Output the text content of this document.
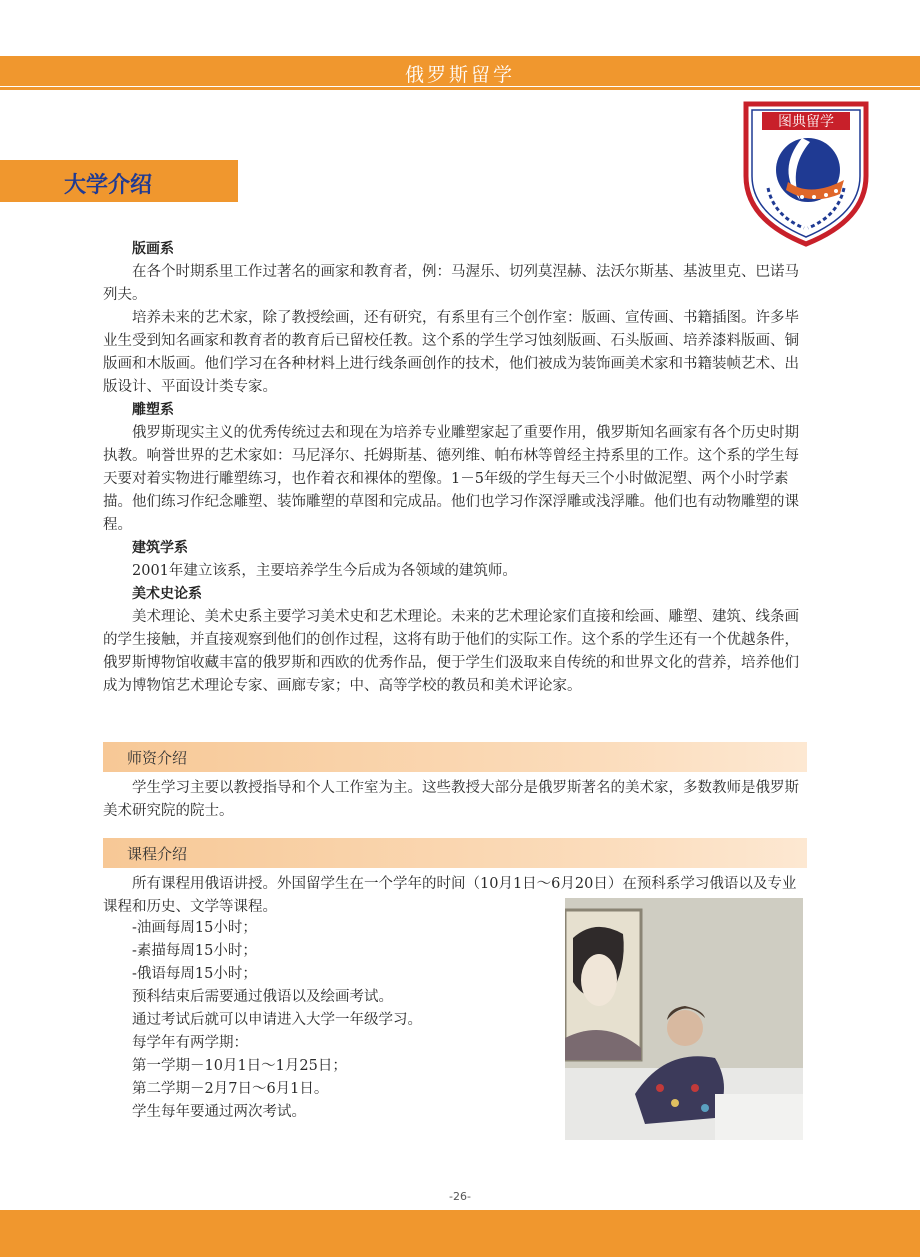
俄罗斯留学
图典留学
大学介绍
版画系

在各个时期系里工作过著名的画家和教育者，例：马渥乐、切列莫涅赫、法沃尔斯基、基波里克、巴诺马列夫。

培养未来的艺术家，除了教授绘画，还有研究，有系里有三个创作室：版画、宣传画、书籍插图。许多毕业生受到知名画家和教育者的教育后已留校任教。这个系的学生学习蚀刻版画、石头版画、培养漆料版画、铜版画和木版画。他们学习在各种材料上进行线条画创作的技术，他们被成为装饰画美术家和书籍装帧艺术、出版设计、平面设计类专家。

雕塑系

俄罗斯现实主义的优秀传统过去和现在为培养专业雕塑家起了重要作用，俄罗斯知名画家有各个历史时期执教。响誉世界的艺术家如：马尼泽尔、托姆斯基、德列维、帕布林等曾经主持系里的工作。这个系的学生每天要对着实物进行雕塑练习，也作着衣和裸体的塑像。1－5年级的学生每天三个小时做泥塑、两个小时学素描。他们练习作纪念雕塑、装饰雕塑的草图和完成品。他们也学习作深浮雕或浅浮雕。他们也有动物雕塑的课程。

建筑学系

2001年建立该系，主要培养学生今后成为各领域的建筑师。

美术史论系

美术理论、美术史系主要学习美术史和艺术理论。未来的艺术理论家们直接和绘画、雕塑、建筑、线条画的学生接触，并直接观察到他们的创作过程，这将有助于他们的实际工作。这个系的学生还有一个优越条件，俄罗斯博物馆收藏丰富的俄罗斯和西欧的优秀作品，便于学生们汲取来自传统的和世界文化的营养，培养他们成为博物馆艺术理论专家、画廊专家；中、高等学校的教员和美术评论家。

师资介绍

学生学习主要以教授指导和个人工作室为主。这些教授大部分是俄罗斯著名的美术家，多数教师是俄罗斯美术研究院的院士。

课程介绍

所有课程用俄语讲授。外国留学生在一个学年的时间（10月1日～6月20日）在预科系学习俄语以及专业课程和历史、文学等课程。

-油画每周15小时；
-素描每周15小时；
-俄语每周15小时；
预科结束后需要通过俄语以及绘画考试。
通过考试后就可以申请进入大学一年级学习。
每学年有两学期：
第一学期－10月1日～1月25日；
第二学期－2月7日～6月1日。
学生每年要通过两次考试。
-26-
